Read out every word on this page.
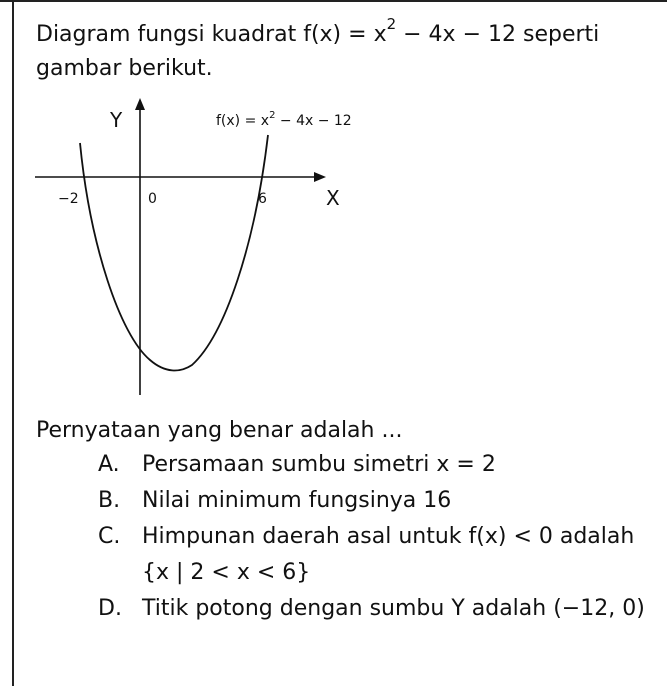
Diagram fungsi kuadrat $f(x) = x^2 - 4x - 12$ seperti
gambar berikut.
Y
X
$f(x) = x^2 - 4x - 12$
−2	0	6
Pernyataan yang benar adalah ...
A. Persamaan sumbu simetri x = 2
B. Nilai minimum fungsinya 16
C. Himpunan daerah asal untuk f(x) < 0 adalah
{x | 2 < x < 6}
D. Titik potong dengan sumbu Y adalah (−12, 0)
